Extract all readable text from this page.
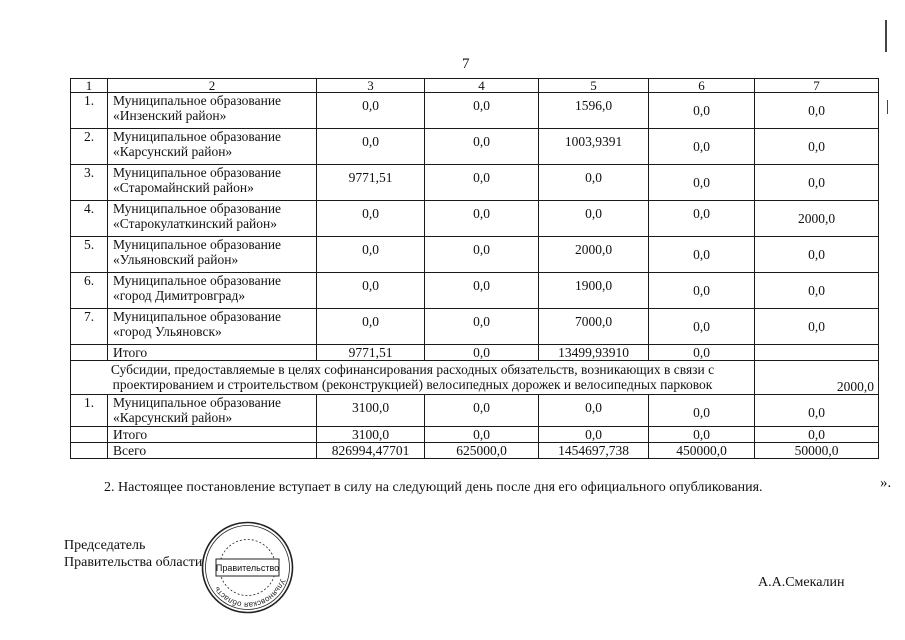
7
1	2	3	4	5	6	7
1.	Муниципальное образование «Инзенский район»	0,0	0,0	1596,0	0,0	0,0
2.	Муниципальное образование «Карсунский район»	0,0	0,0	1003,9391	0,0	0,0
3.	Муниципальное образование «Старомайнский район»	9771,51	0,0	0,0	0,0	0,0
4.	Муниципальное образование «Старокулаткинский район»	0,0	0,0	0,0	0,0	2000,0
5.	Муниципальное образование «Ульяновский район»	0,0	0,0	2000,0	0,0	0,0
6.	Муниципальное образование «город Димитровград»	0,0	0,0	1900,0	0,0	0,0
7.	Муниципальное образование «город Ульяновск»	0,0	0,0	7000,0	0,0	0,0
	Итого	9771,51	0,0	13499,93910	0,0	
Субсидии, предоставляемые в целях софинансирования расходных обязательств, возникающих в связи с проектированием и строительством (реконструкцией) велосипедных дорожек и велосипедных парковок						2000,0
1.	Муниципальное образование «Карсунский район»	3100,0	0,0	0,0	0,0	0,0
	Итого	3100,0	0,0	0,0	0,0	0,0
	Всего	826994,47701	625000,0	1454697,738	450000,0	50000,0
».
2. Настоящее постановление вступает в силу на следующий день после дня его официального опубликования.
Председатель
Правительства области Правительство
Ульяновская область	А.А.Смекалин
